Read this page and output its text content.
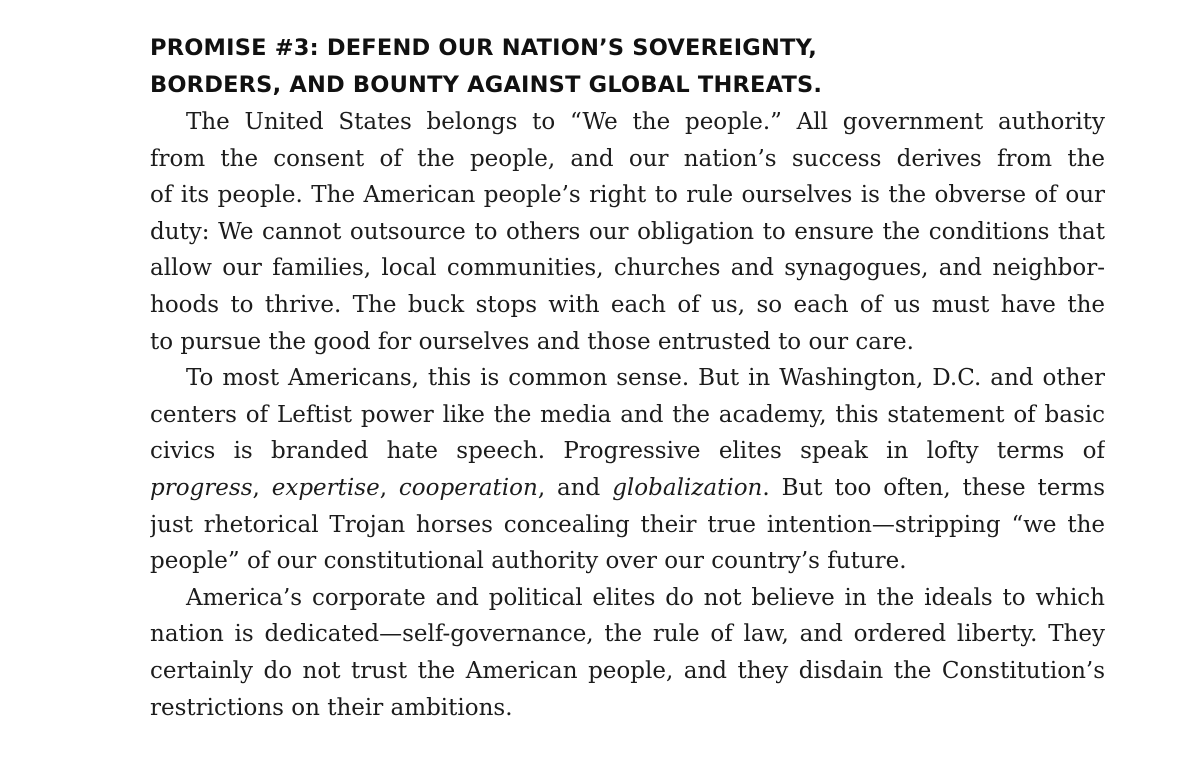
PROMISE #3: DEFEND OUR NATION’S SOVEREIGNTY,
BORDERS, AND BOUNTY AGAINST GLOBAL THREATS.
The United States belongs to “We the people.” All government authority
from the consent of the people, and our nation’s success derives from the
of its people. The American people’s right to rule ourselves is the obverse of our
duty: We cannot outsource to others our obligation to ensure the conditions that
allow our families, local communities, churches and synagogues, and neighbor-
hoods to thrive. The buck stops with each of us, so each of us must have the
to pursue the good for ourselves and those entrusted to our care.
To most Americans, this is common sense. But in Washington, D.C. and other
centers of Leftist power like the media and the academy, this statement of basic
civics is branded hate speech. Progressive elites speak in lofty terms of
progress, expertise, cooperation, and globalization. But too often, these terms
just rhetorical Trojan horses concealing their true intention—stripping “we the
people” of our constitutional authority over our country’s future.
America’s corporate and political elites do not believe in the ideals to which
nation is dedicated—self-governance, the rule of law, and ordered liberty. They
certainly do not trust the American people, and they disdain the Constitution’s
restrictions on their ambitions.
